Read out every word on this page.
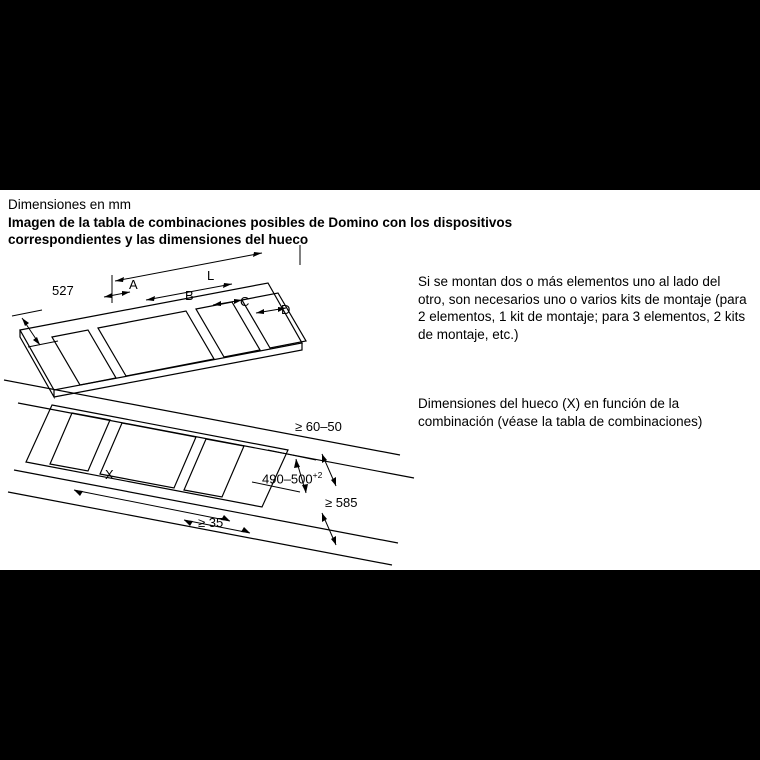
Dimensiones en mm
Imagen de la tabla de combinaciones posibles de Domino con los dispositivos
correspondientes y las dimensiones del hueco
Si se montan dos o más elementos uno al lado del otro, son necesarios uno o varios kits de montaje (para 2 elementos, 1 kit de montaje; para 3 elementos, 2 kits de montaje, etc.)
Dimensiones del hueco (X) en función de la combinación (véase la tabla de combinaciones)
527	A
L
B	C
D
≥ 60–50
$490-500^{+2}$
≥ 585
X
≥ 35
